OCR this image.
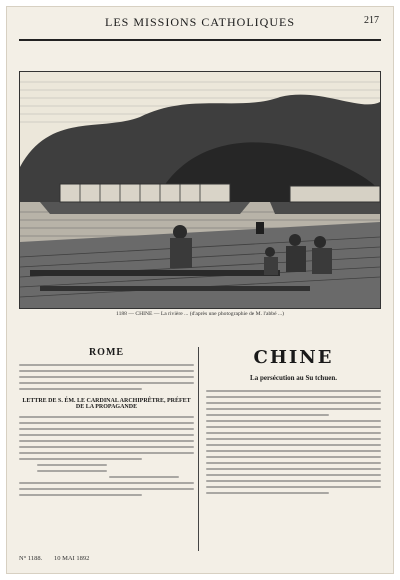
LES MISSIONS CATHOLIQUES	217
1188 — CHINE — La rivière ... (d'après une photographie de M. l'abbé ...)
ROME
LETTRE DE S. ÉM. LE CARDINAL ARCHIPRÊTRE, PRÉFET DE LA PROPAGANDE
CHINE
La persécution au Su tchuen.
N° 1188. 10 MAI 1892
